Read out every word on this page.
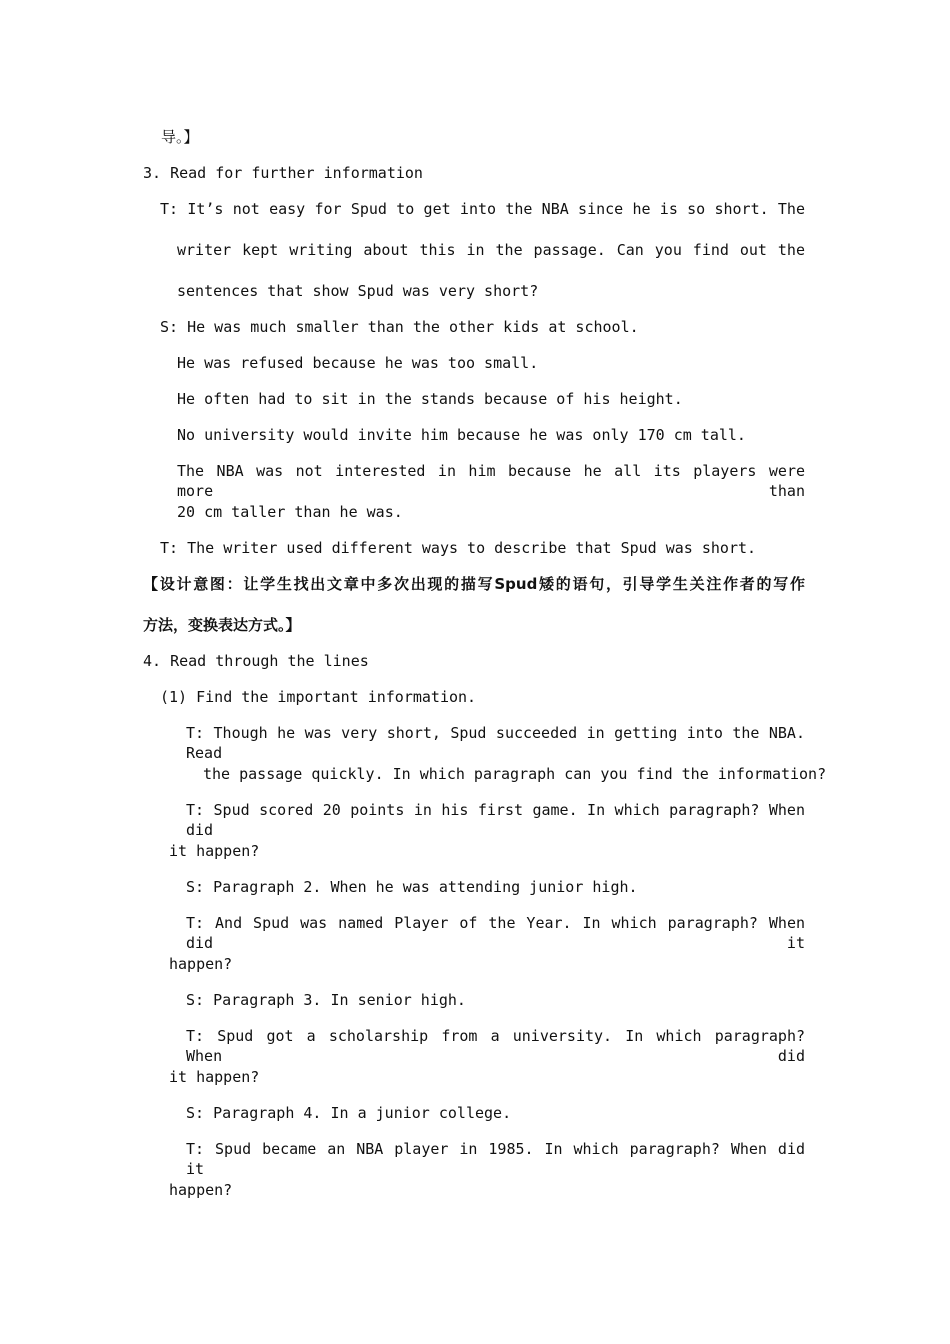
导。】
3. Read for further information
T: It’s not easy for Spud to get into the NBA since he is so short. The
writer kept writing about this in the passage. Can you find out the
sentences that show Spud was very short?
S: He was much smaller than the other kids at school.
He was refused because he was too small.
He often had to sit in the stands because of his height.
No university would invite him because he was only 170 cm tall.
The NBA was not interested in him because he all its players were more than
20 cm taller than he was.
T: The writer used different ways to describe that Spud was short.
【设计意图：让学生找出文章中多次出现的描写Spud矮的语句，引导学生关注作者的写作
方法，变换表达方式。】
4. Read through the lines
(1) Find the important information.
T: Though he was very short, Spud succeeded in getting into the NBA. Read
the passage quickly. In which paragraph can you find the information?
T: Spud scored 20 points in his first game. In which paragraph? When did
it happen?
S: Paragraph 2. When he was attending junior high.
T: And Spud was named Player of the Year. In which paragraph? When did it
happen?
S: Paragraph 3. In senior high.
T: Spud got a scholarship from a university. In which paragraph? When did
it happen?
S: Paragraph 4. In a junior college.
T: Spud became an NBA player in 1985. In which paragraph? When did it
happen?
